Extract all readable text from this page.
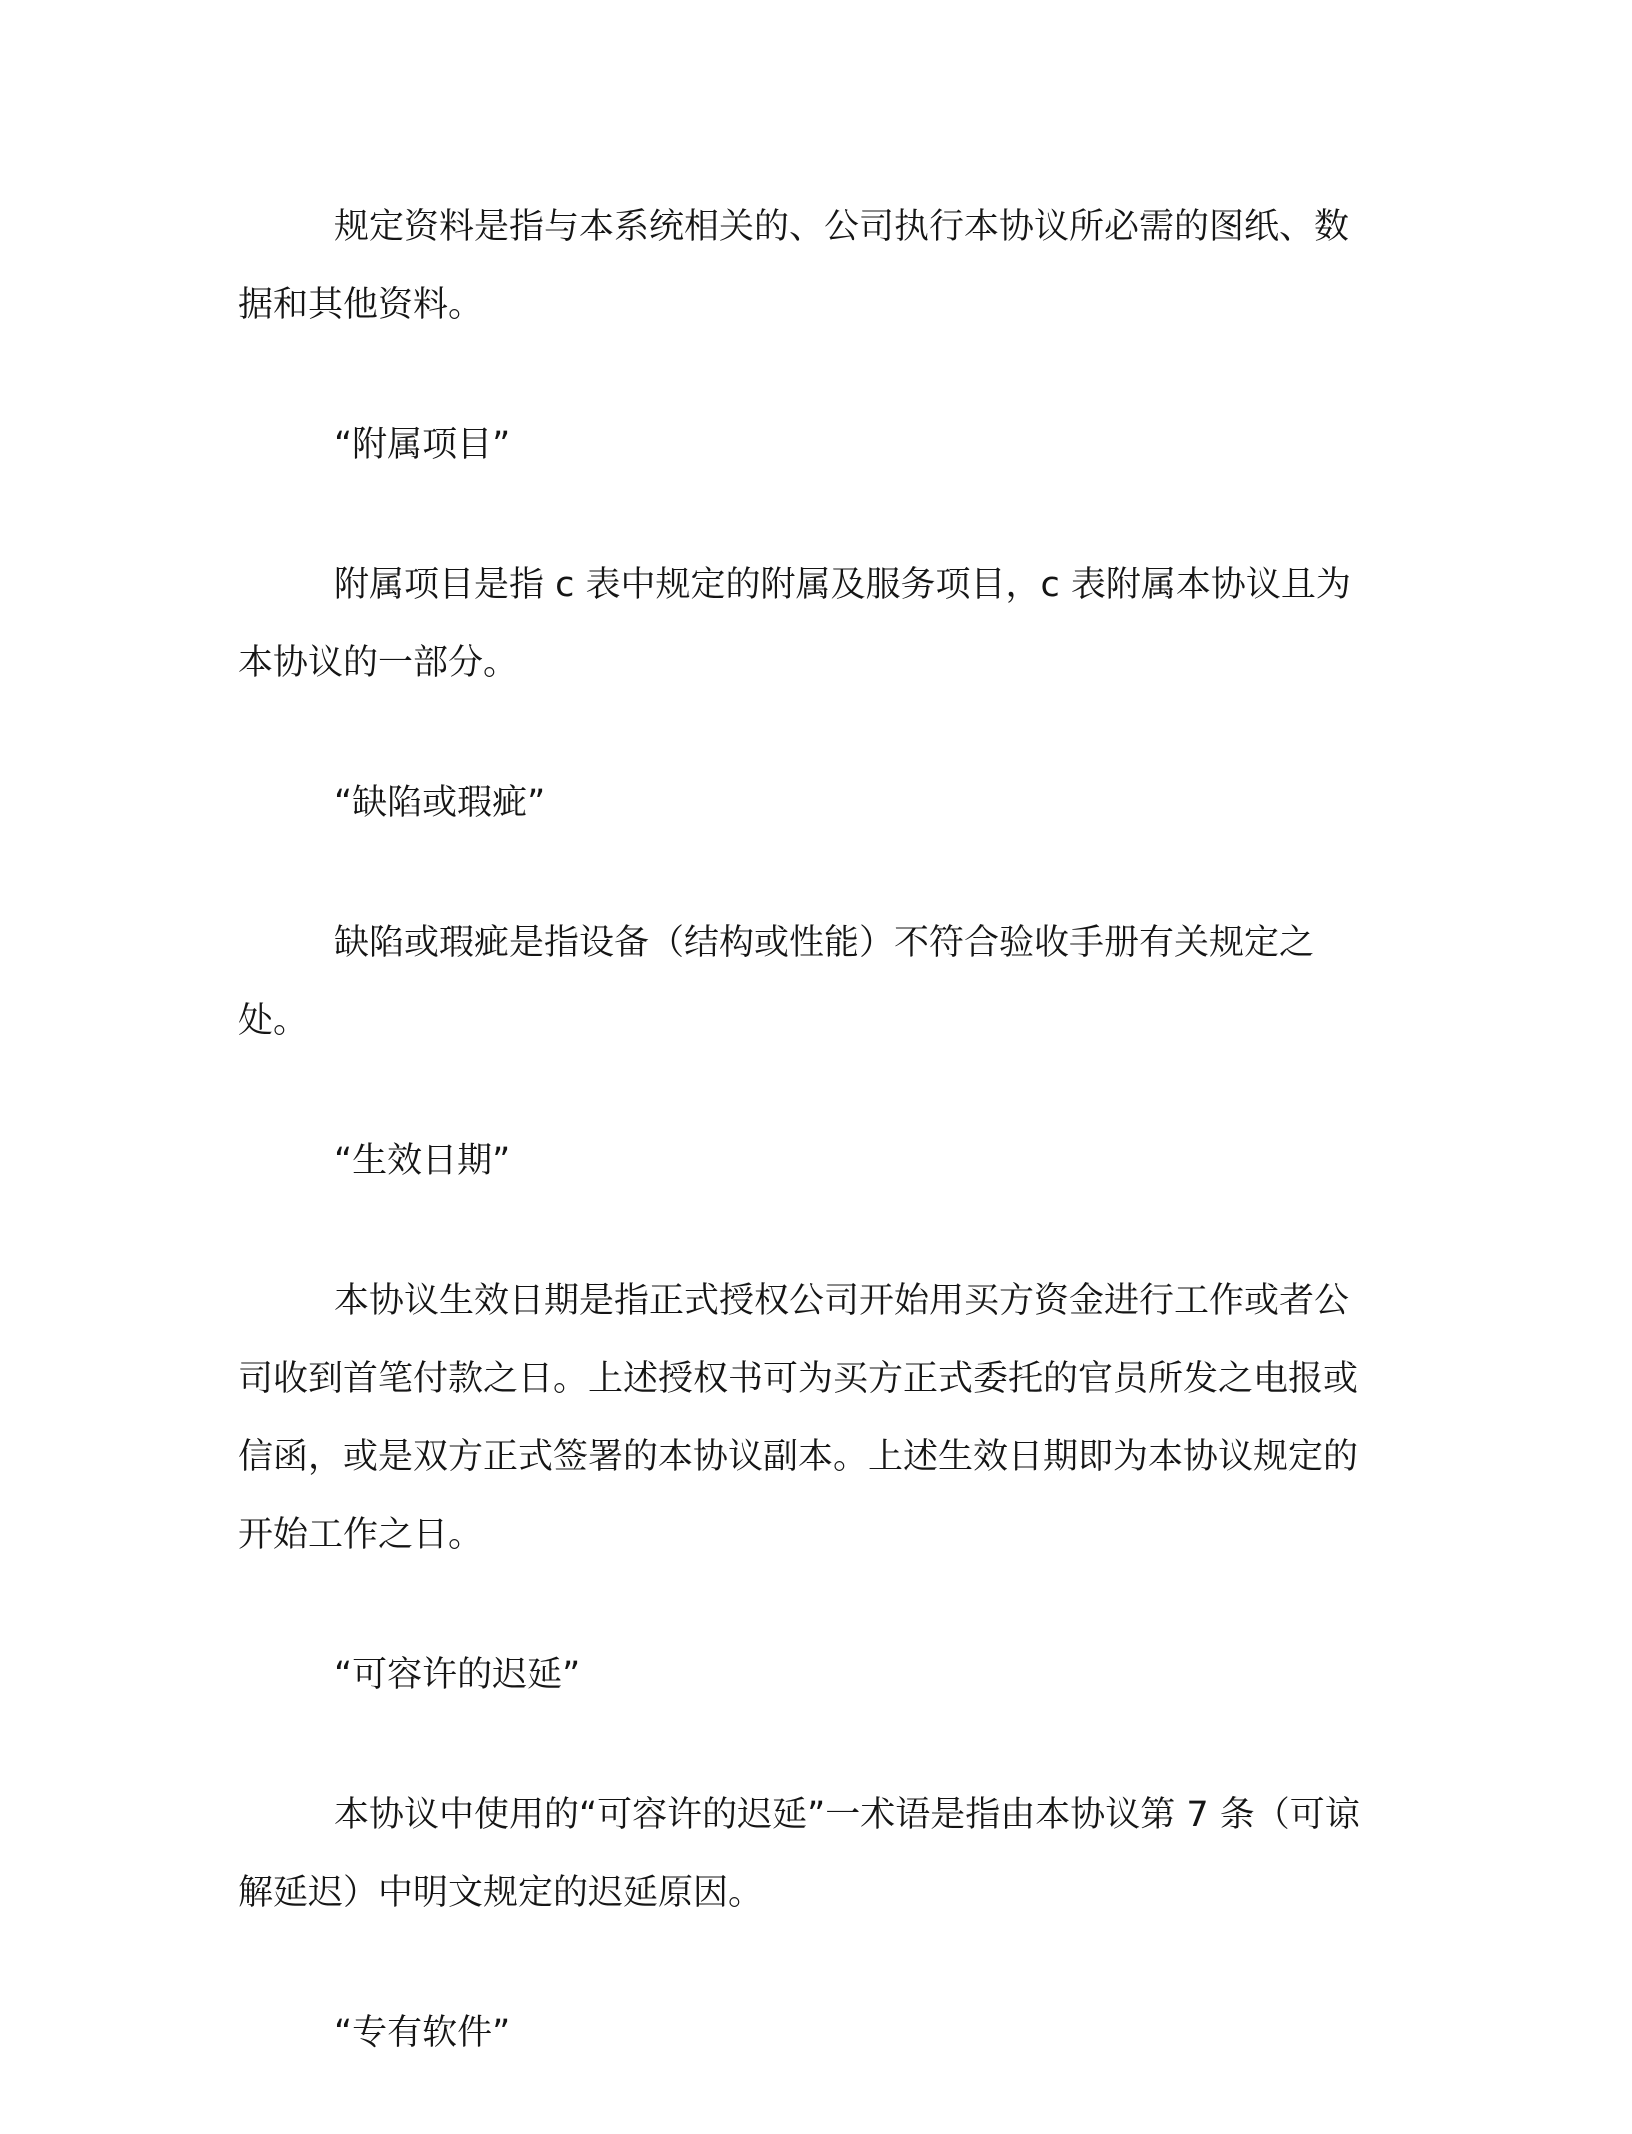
规定资料是指与本系统相关的、公司执行本协议所必需的图纸、数据和其他资料。

“附属项目”

附属项目是指 c 表中规定的附属及服务项目，c 表附属本协议且为本协议的一部分。

“缺陷或瑕疵”

缺陷或瑕疵是指设备（结构或性能）不符合验收手册有关规定之处。

“生效日期”

本协议生效日期是指正式授权公司开始用买方资金进行工作或者公司收到首笔付款之日。上述授权书可为买方正式委托的官员所发之电报或信函，或是双方正式签署的本协议副本。上述生效日期即为本协议规定的开始工作之日。

“可容许的迟延”

本协议中使用的“可容许的迟延”一术语是指由本协议第 7 条（可谅解延迟）中明文规定的迟延原因。

“专有软件”
